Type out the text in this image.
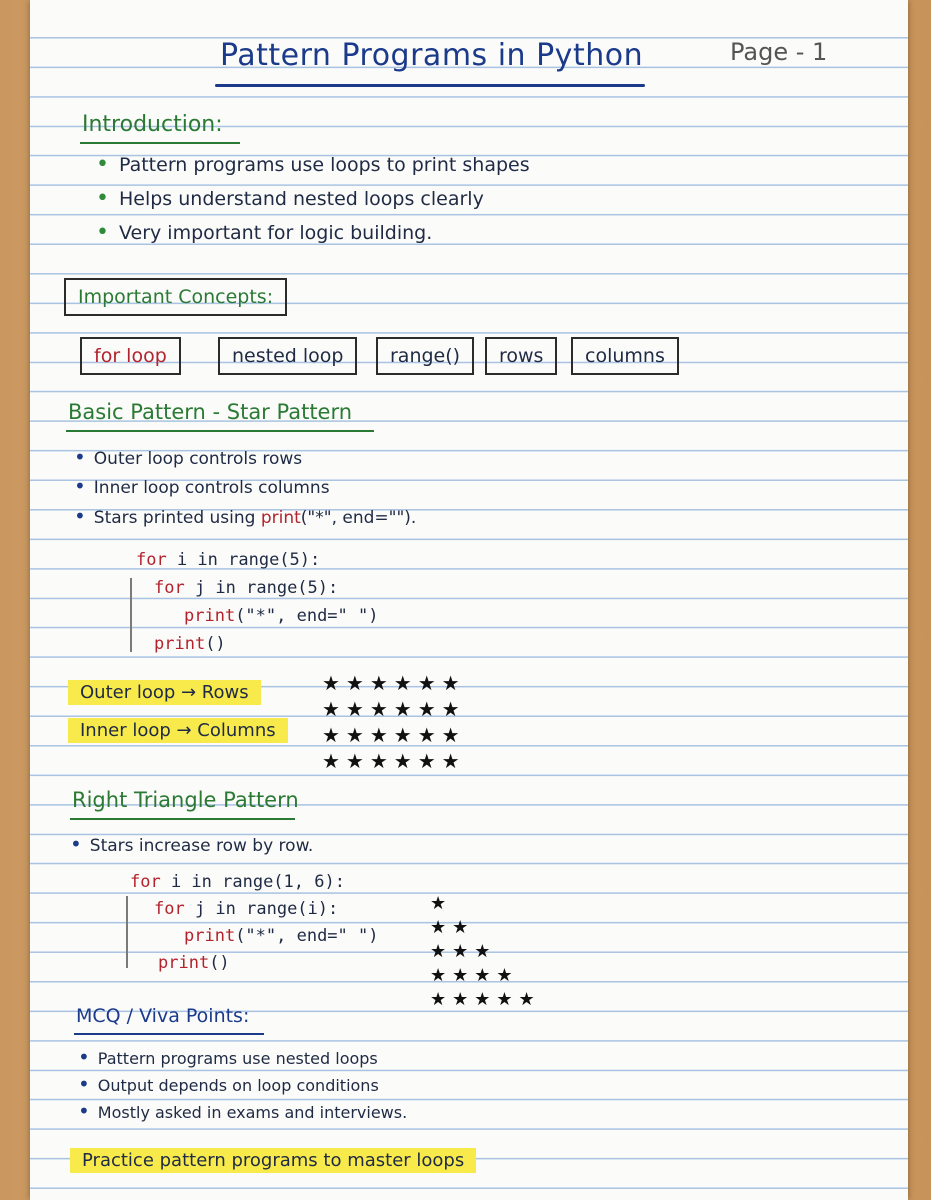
Pattern Programs in Python	Page - 1
Introduction:
• Pattern programs use loops to print shapes
• Helps understand nested loops clearly
• Very important for logic building.
Important Concepts:
for loop	nested loop	range()	rows	columns
Basic Pattern - Star Pattern
• Outer loop controls rows
• Inner loop controls columns
• Stars printed using print("*", end="").
for i in range(5):
for j in range(5):
print("*", end=" ")
print()
Outer loop → Rows
Inner loop → Columns
★★★★★★
★★★★★★
★★★★★★
★★★★★★
Right Triangle Pattern
• Stars increase row by row.
for i in range(1, 6):
for j in range(i):
print("*", end=" ")
print()
★
★★
★★★
★★★★
★★★★★
MCQ / Viva Points:
• Pattern programs use nested loops
• Output depends on loop conditions
• Mostly asked in exams and interviews.
Practice pattern programs to master loops
